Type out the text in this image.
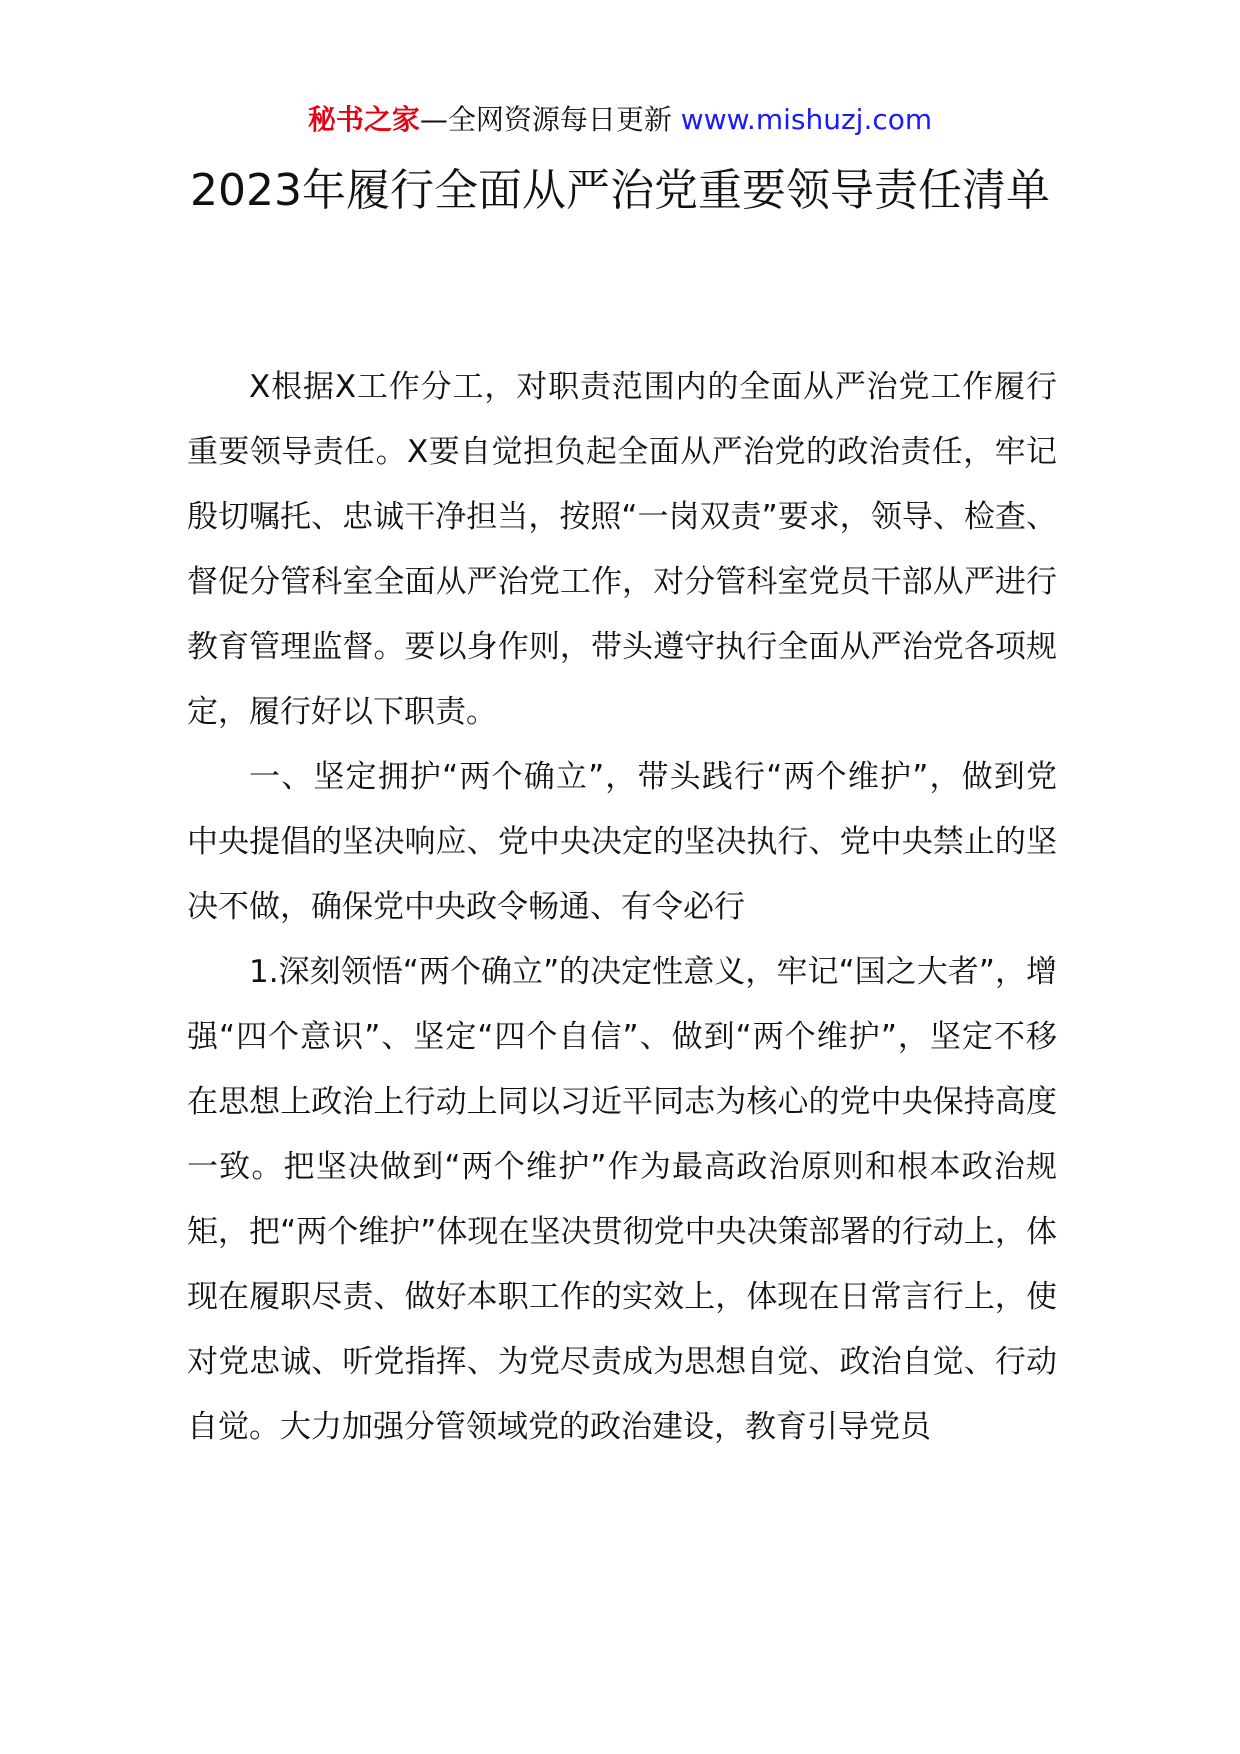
秘书之家—全网资源每日更新 www.mishuzj.com
2023年履行全面从严治党重要领导责任清单

X根据X工作分工，对职责范围内的全面从严治党工作履行重要领导责任。X要自觉担负起全面从严治党的政治责任，牢记殷切嘱托、忠诚干净担当，按照“一岗双责”要求，领导、检查、督促分管科室全面从严治党工作，对分管科室党员干部从严进行教育管理监督。要以身作则，带头遵守执行全面从严治党各项规定，履行好以下职责。

一、坚定拥护“两个确立”，带头践行“两个维护”，做到党中央提倡的坚决响应、党中央决定的坚决执行、党中央禁止的坚决不做，确保党中央政令畅通、有令必行

1.深刻领悟“两个确立”的决定性意义，牢记“国之大者”，增强“四个意识”、坚定“四个自信”、做到“两个维护”，坚定不移在思想上政治上行动上同以习近平同志为核心的党中央保持高度一致。把坚决做到“两个维护”作为最高政治原则和根本政治规矩，把“两个维护”体现在坚决贯彻党中央决策部署的行动上，体现在履职尽责、做好本职工作的实效上，体现在日常言行上，使对党忠诚、听党指挥、为党尽责成为思想自觉、政治自觉、行动自觉。大力加强分管领域党的政治建设，教育引导党员
